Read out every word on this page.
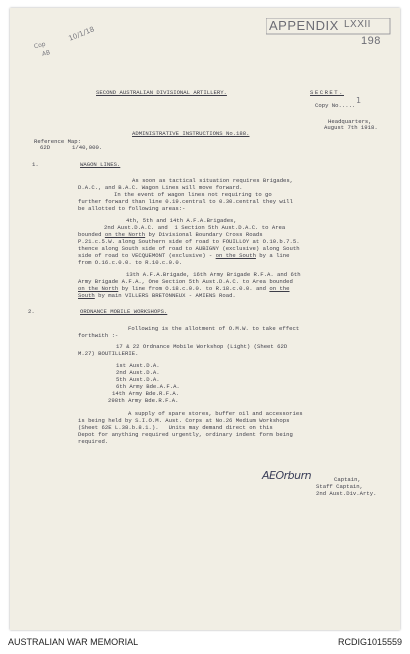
APPENDIX LXXII
198
Cop
AB
10/1/18
SECOND AUSTRALIAN DIVISIONAL ARTILLERY.	SECRET.
Copy No.....
1
Headquarters,
August 7th 1918.
ADMINISTRATIVE INSTRUCTIONS No.188.
Reference Map:
62D	1/40,000.
1.	WAGON LINES.
As soon as tactical situation requires Brigades,
D.A.C., and B.A.C. Wagon Lines will move forward.
In the event of wagon lines not requiring to go
further forward than line 0.19.central to 0.30.central they will
be allotted to following areas:-
4th, 5th and 14th A.F.A.Brigades,
2nd Aust.D.A.C. and  1 Section 5th Aust.D.A.C. to Area
bounded on the North by Divisional Boundary Cross Roads
P.21.c.5.W. along Southern side of road to FOUILLOY at O.10.b.7.5.
thence along South side of road to AUBIGNY (exclusive) along South
side of road to VECQUEMONT (exclusive) - on the South by a line
from O.16.c.0.0. to R.10.c.0.0.
13th A.F.A.Brigade, 16th Army Brigade R.F.A. and 6th
Army Brigade A.F.A., One Section 5th Aust.D.A.C. to Area bounded
on the North by line from O.18.c.0.0. to R.18.c.0.0. and on the
South by main VILLERS BRETONNEUX - AMIENS Road.
2.	ORDNANCE MOBILE WORKSHOPS.
Following is the allotment of O.M.W. to take effect
forthwith :-
17 & 22 Ordnance Mobile Workshop (Light) (Sheet 62D
M.27) BOUTILLERIE.
1st Aust.D.A.
2nd Aust.D.A.
5th Aust.D.A.
6th Army Bde.A.F.A.
14th Army Bde.R.F.A.
298th Army Bde.R.F.A.
A supply of spare stores, buffer oil and accessories
is being held by S.I.O.M. Aust. Corps at No.26 Medium Workshops
(Sheet 62E L.38.b.8.1.).   Units may demand direct on this
Depot for anything required urgently, ordinary indent form being
required.
AEOrburn	Captain,
Staff Captain,
2nd Aust.Div.Arty.
AUSTRALIAN WAR MEMORIAL	RCDIG1015559
